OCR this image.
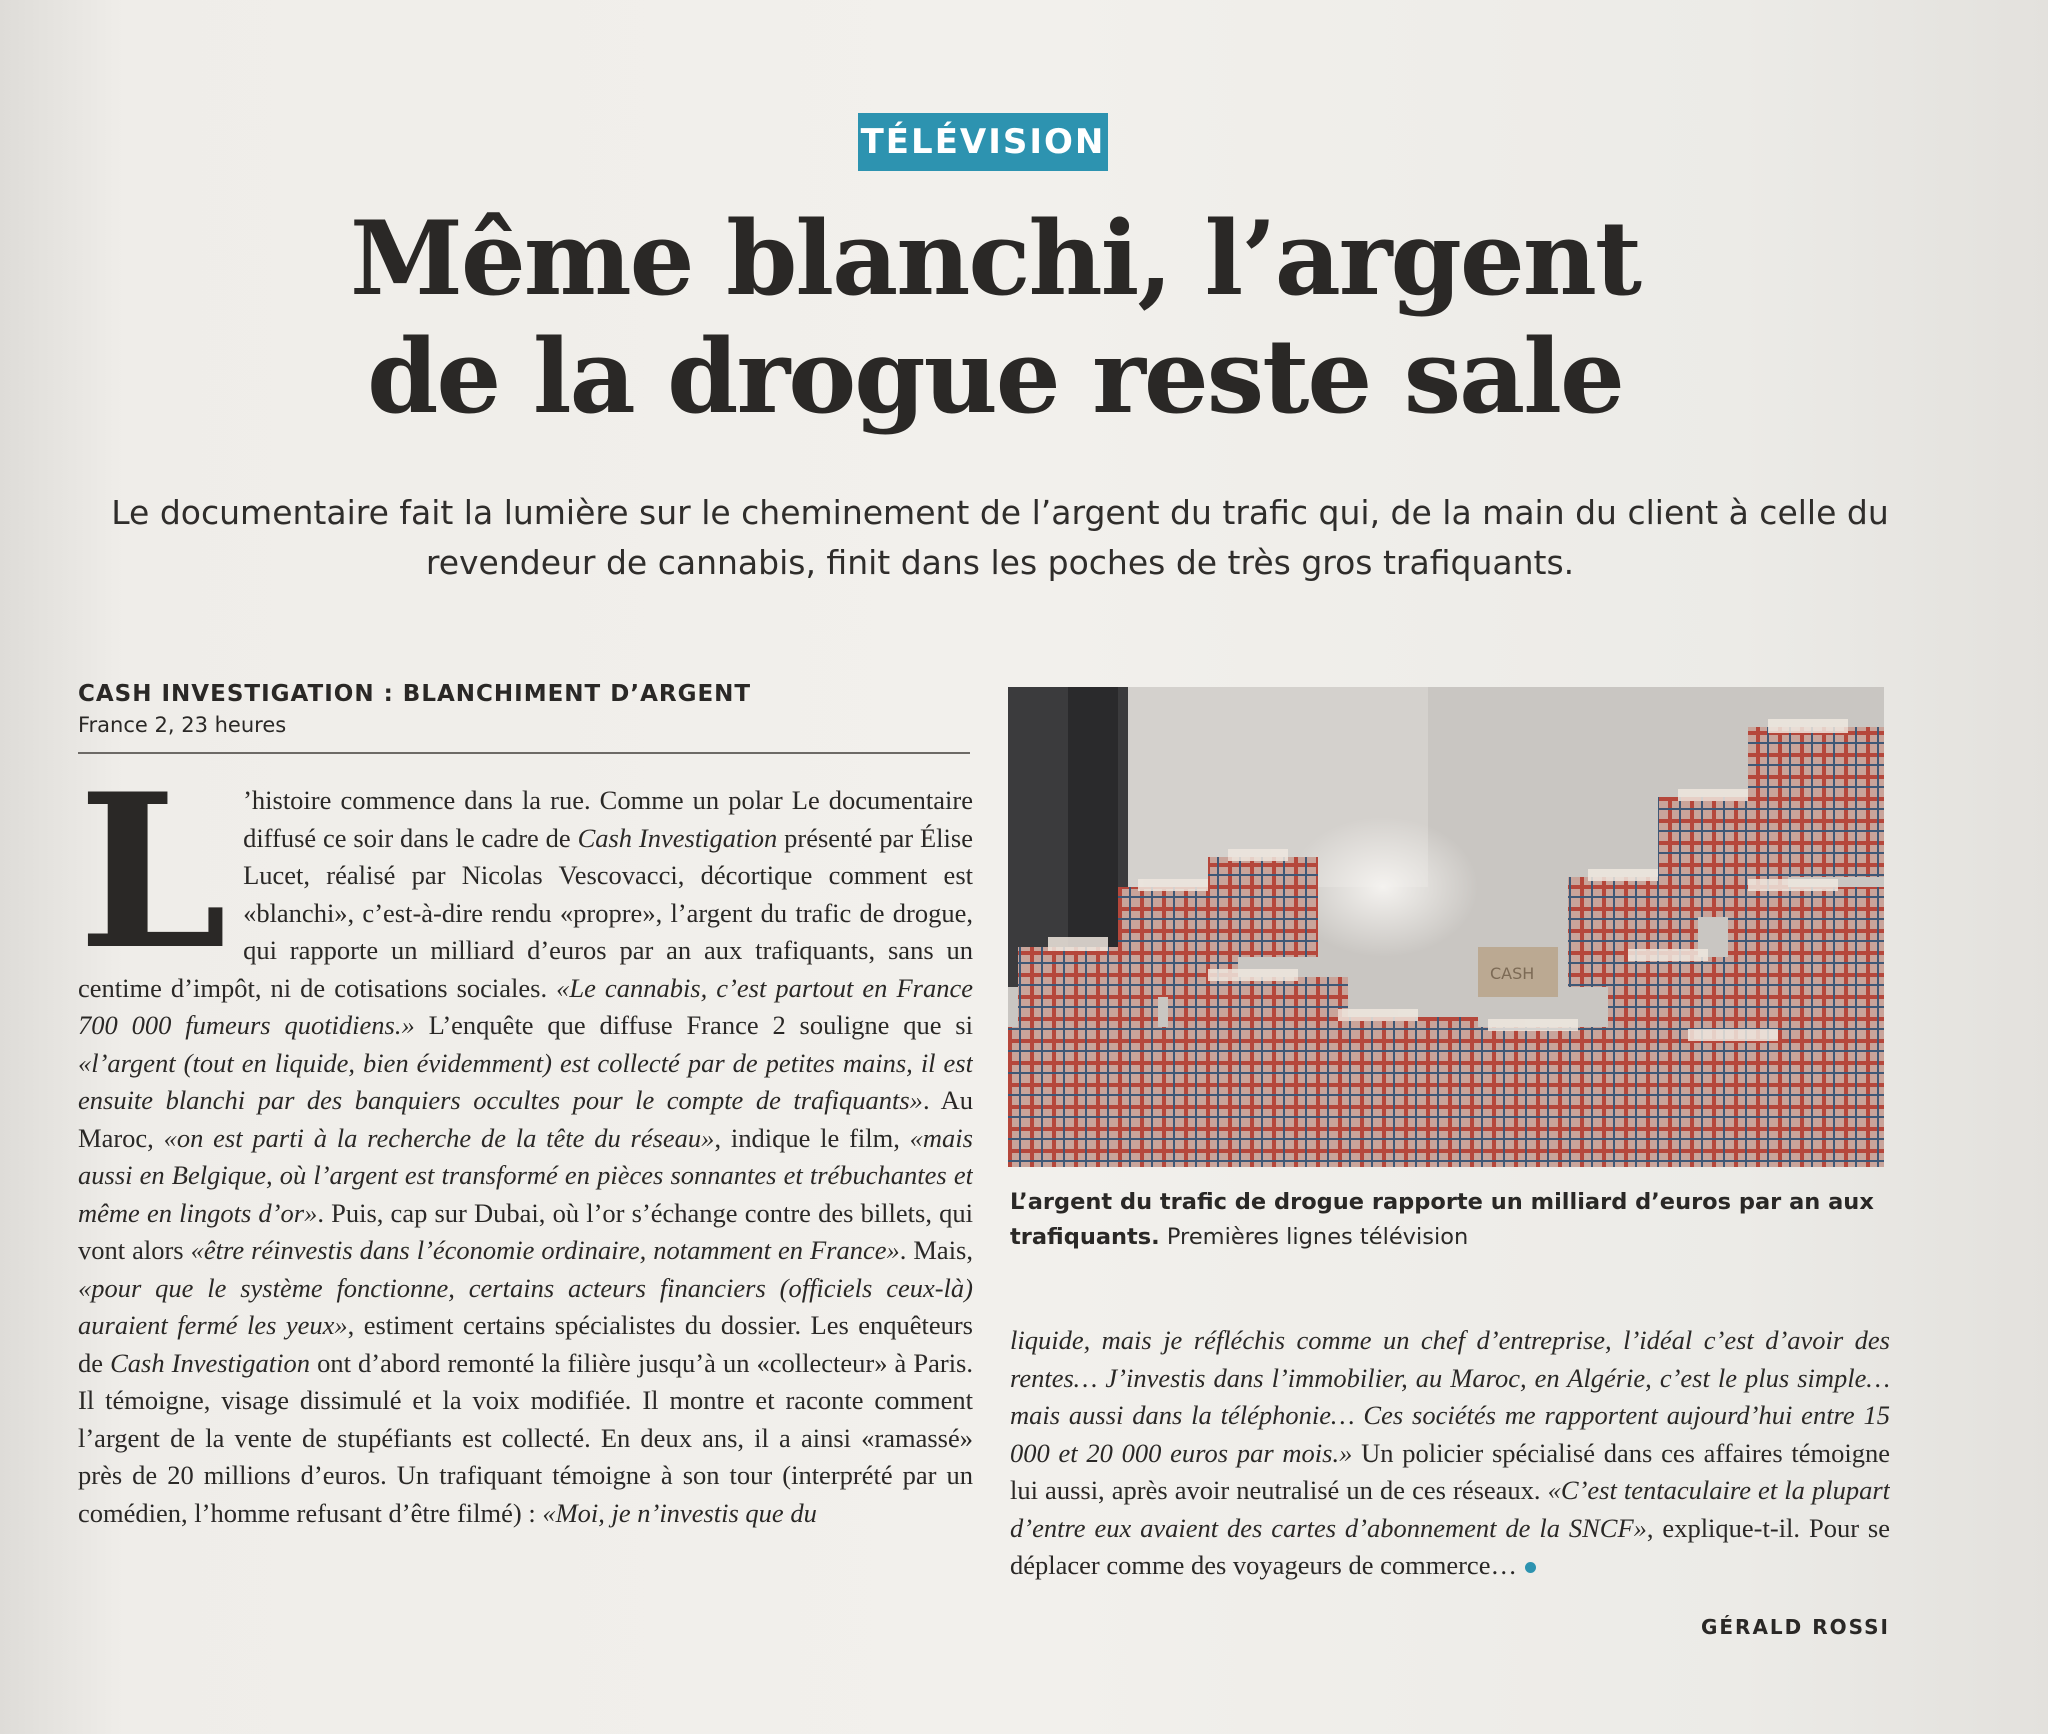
TÉLÉVISION
Même blanchi, l’argent
de la drogue reste sale
Le documentaire fait la lumière sur le cheminement de l’argent du trafic qui, de la main du client à celle du revendeur de cannabis, finit dans les poches de très gros trafiquants.
CASH INVESTIGATION : BLANCHIMENT D’ARGENT
France 2, 23 heures
L ’histoire commence dans la rue. Comme un polar Le documentaire diffusé ce soir dans le cadre de Cash Investigation présenté par Élise Lucet, réalisé par Nicolas Vescovacci, décortique comment est «blanchi», c’est-à-dire rendu «propre», l’argent du trafic de drogue, qui rapporte un milliard d’euros par an aux trafiquants, sans un centime d’impôt, ni de cotisations sociales. «Le cannabis, c’est partout en France 700 000 fumeurs quotidiens.» L’enquête que diffuse France 2 souligne que si «l’argent (tout en liquide, bien évidemment) est collecté par de petites mains, il est ensuite blanchi par des banquiers occultes pour le compte de trafiquants». Au Maroc, «on est parti à la recherche de la tête du réseau», indique le film, «mais aussi en Belgique, où l’argent est transformé en pièces sonnantes et trébuchantes et même en lingots d’or». Puis, cap sur Dubai, où l’or s’échange contre des billets, qui vont alors «être réinvestis dans l’économie ordinaire, notamment en France». Mais, «pour que le système fonctionne, certains acteurs financiers (officiels ceux-là) auraient fermé les yeux», estiment certains spécialistes du dossier. Les enquêteurs de Cash Investigation ont d’abord remonté la filière jusqu’à un «collecteur» à Paris. Il témoigne, visage dissimulé et la voix modifiée. Il montre et raconte comment l’argent de la vente de stupéfiants est collecté. En deux ans, il a ainsi «ramassé» près de 20 millions d’euros. Un trafiquant témoigne à son tour (interprété par un comédien, l’homme refusant d’être filmé) : «Moi, je n’investis que du

CASH
L’argent du trafic de drogue rapporte un milliard d’euros par an aux trafiquants. Premières lignes télévision

liquide, mais je réfléchis comme un chef d’entreprise, l’idéal c’est d’avoir des rentes… J’investis dans l’immobilier, au Maroc, en Algérie, c’est le plus simple… mais aussi dans la téléphonie… Ces sociétés me rapportent aujourd’hui entre 15 000 et 20 000 euros par mois.» Un policier spécialisé dans ces affaires témoigne lui aussi, après avoir neutralisé un de ces réseaux. «C’est tentaculaire et la plupart d’entre eux avaient des cartes d’abonnement de la SNCF», explique-t-il. Pour se déplacer comme des voyageurs de commerce…

GÉRALD ROSSI
